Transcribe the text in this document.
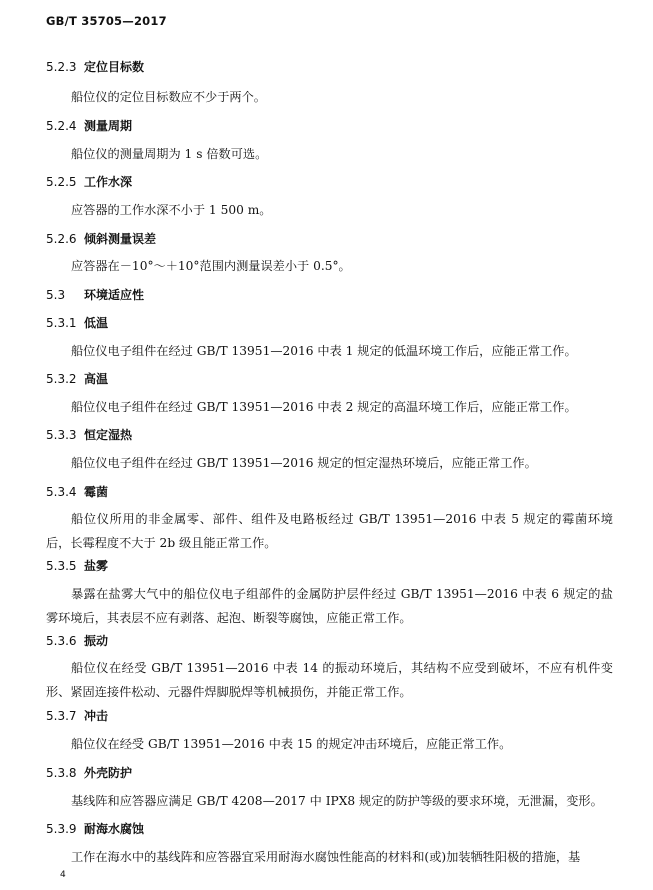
GB/T 35705—2017
5.2.3 定位目标数
船位仪的定位目标数应不少于两个。
5.2.4 测量周期
船位仪的测量周期为 1 s 倍数可选。
5.2.5 工作水深
应答器的工作水深不小于 1 500 m。
5.2.6 倾斜测量误差
应答器在－10°～＋10°范围内测量误差小于 0.5°。
5.3 环境适应性
5.3.1 低温
船位仪电子组件在经过 GB/T 13951—2016 中表 1 规定的低温环境工作后，应能正常工作。
5.3.2 高温
船位仪电子组件在经过 GB/T 13951—2016 中表 2 规定的高温环境工作后，应能正常工作。
5.3.3 恒定湿热
船位仪电子组件在经过 GB/T 13951—2016 规定的恒定湿热环境后，应能正常工作。
5.3.4 霉菌
船位仪所用的非金属零、部件、组件及电路板经过 GB/T 13951—2016 中表 5 规定的霉菌环境后，长霉程度不大于 2b 级且能正常工作。
5.3.5 盐雾
暴露在盐雾大气中的船位仪电子组部件的金属防护层件经过 GB/T 13951—2016 中表 6 规定的盐雾环境后，其表层不应有剥落、起泡、断裂等腐蚀，应能正常工作。
5.3.6 振动
船位仪在经受 GB/T 13951—2016 中表 14 的振动环境后，其结构不应受到破坏，不应有机件变形、紧固连接件松动、元器件焊脚脱焊等机械损伤，并能正常工作。
5.3.7 冲击
船位仪在经受 GB/T 13951—2016 中表 15 的规定冲击环境后，应能正常工作。
5.3.8 外壳防护
基线阵和应答器应满足 GB/T 4208—2017 中 IPX8 规定的防护等级的要求环境，无泄漏，变形。
5.3.9 耐海水腐蚀
工作在海水中的基线阵和应答器宜采用耐海水腐蚀性能高的材料和(或)加装牺牲阳极的措施，基
4
